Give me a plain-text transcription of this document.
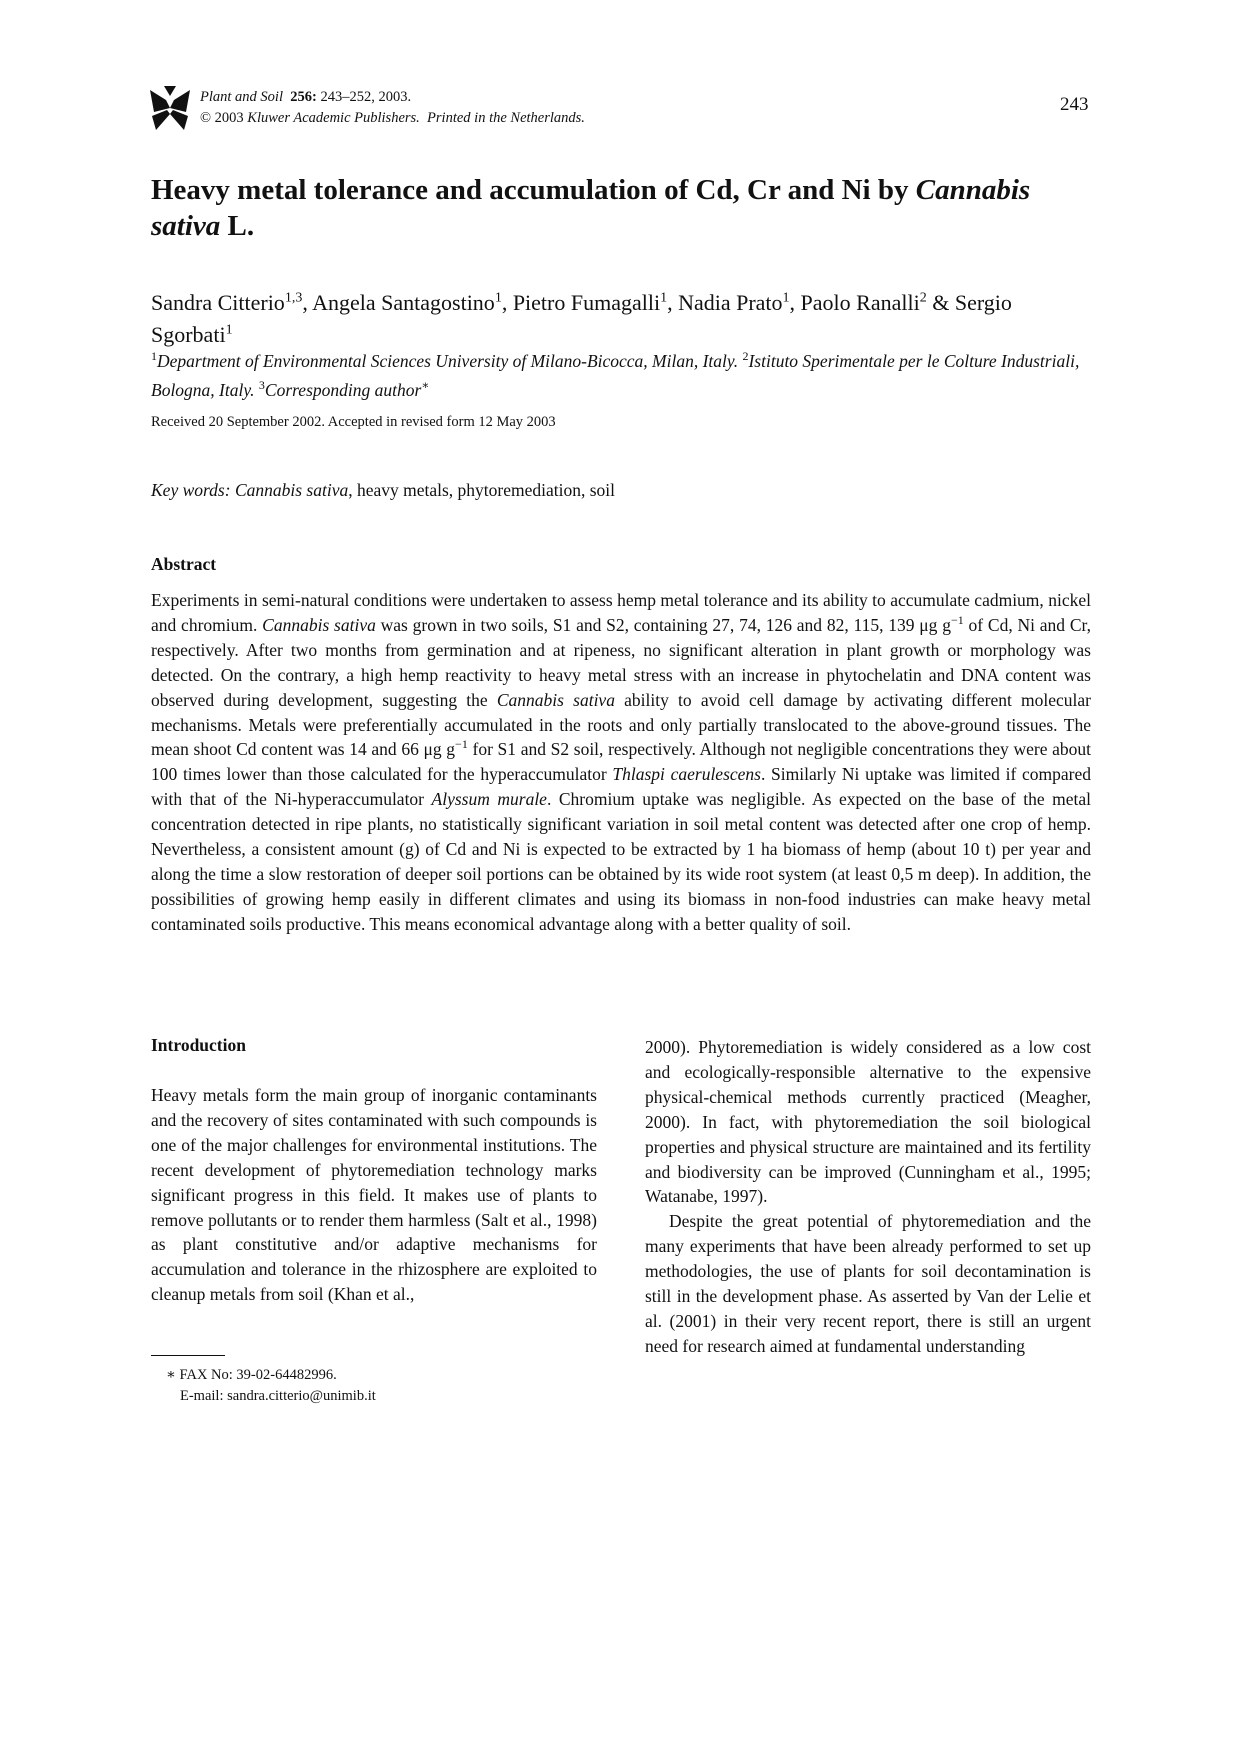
Plant and Soil 256: 243–252, 2003.
© 2003 Kluwer Academic Publishers. Printed in the Netherlands.
243
Heavy metal tolerance and accumulation of Cd, Cr and Ni by Cannabis sativa L.
Sandra Citterio$^{1,3}$, Angela Santagostino$^1$, Pietro Fumagalli$^1$, Nadia Prato$^1$, Paolo Ranalli$^2$ & Sergio Sgorbati$^1$
$^1$Department of Environmental Sciences University of Milano-Bicocca, Milan, Italy. $^2$Istituto Sperimentale per le Colture Industriali, Bologna, Italy. $^3$Corresponding author∗
Received 20 September 2002. Accepted in revised form 12 May 2003
Key words: Cannabis sativa, heavy metals, phytoremediation, soil
Abstract
Experiments in semi-natural conditions were undertaken to assess hemp metal tolerance and its ability to accumulate cadmium, nickel and chromium. Cannabis sativa was grown in two soils, S1 and S2, containing 27, 74, 126 and 82, 115, 139 μg $g^{-1}$ of Cd, Ni and Cr, respectively. After two months from germination and at ripeness, no significant alteration in plant growth or morphology was detected. On the contrary, a high hemp reactivity to heavy metal stress with an increase in phytochelatin and DNA content was observed during development, suggesting the Cannabis sativa ability to avoid cell damage by activating different molecular mechanisms. Metals were preferentially accumulated in the roots and only partially translocated to the above-ground tissues. The mean shoot Cd content was 14 and 66 μg $g^{-1}$ for S1 and S2 soil, respectively. Although not negligible concentrations they were about 100 times lower than those calculated for the hyperaccumulator Thlaspi caerulescens. Similarly Ni uptake was limited if compared with that of the Ni-hyperaccumulator Alyssum murale. Chromium uptake was negligible. As expected on the base of the metal concentration detected in ripe plants, no statistically significant variation in soil metal content was detected after one crop of hemp. Nevertheless, a consistent amount (g) of Cd and Ni is expected to be extracted by 1 ha biomass of hemp (about 10 t) per year and along the time a slow restoration of deeper soil portions can be obtained by its wide root system (at least 0,5 m deep). In addition, the possibilities of growing hemp easily in different climates and using its biomass in non-food industries can make heavy metal contaminated soils productive. This means economical advantage along with a better quality of soil.
Introduction

Heavy metals form the main group of inorganic contaminants and the recovery of sites contaminated with such compounds is one of the major challenges for environmental institutions. The recent development of phytoremediation technology marks significant progress in this field. It makes use of plants to remove pollutants or to render them harmless (Salt et al., 1998) as plant constitutive and/or adaptive mechanisms for accumulation and tolerance in the rhizosphere are exploited to cleanup metals from soil (Khan et al.,

2000). Phytoremediation is widely considered as a low cost and ecologically-responsible alternative to the expensive physical-chemical methods currently practiced (Meagher, 2000). In fact, with phytoremediation the soil biological properties and physical structure are maintained and its fertility and biodiversity can be improved (Cunningham et al., 1995; Watanabe, 1997).

Despite the great potential of phytoremediation and the many experiments that have been already performed to set up methodologies, the use of plants for soil decontamination is still in the development phase. As asserted by Van der Lelie et al. (2001) in their very recent report, there is still an urgent need for research aimed at fundamental understanding

∗ FAX No: 39-02-64482996.
E-mail: sandra.citterio@unimib.it
